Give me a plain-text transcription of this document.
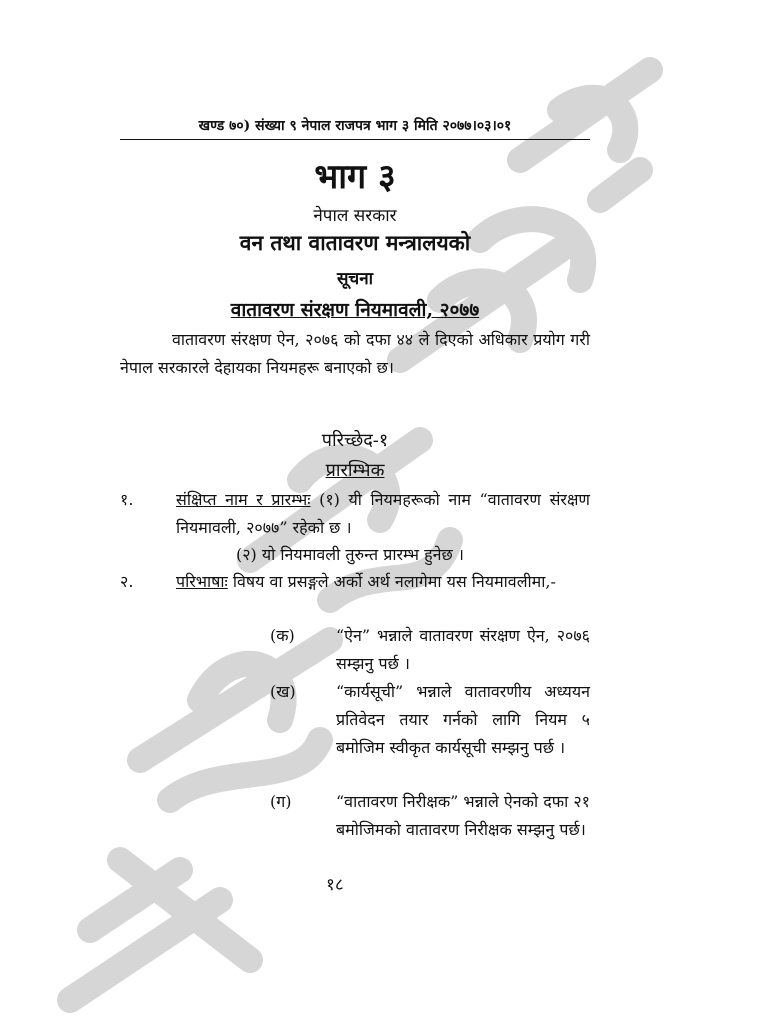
खण्ड ७०) संख्या ९ नेपाल राजपत्र भाग ३ मिति २०७७।०३।०१
भाग ३
नेपाल सरकार
वन तथा वातावरण मन्त्रालयको
सूचना
वातावरण संरक्षण नियमावली, २०७७
वातावरण संरक्षण ऐन, २०७६ को दफा ४४ ले दिएको अधिकार प्रयोग गरी नेपाल सरकारले देहायका नियमहरू बनाएको छ।
परिच्छेद-१
प्रारम्भिक
१.	संक्षिप्त नाम र प्रारम्भः (१) यी नियमहरूको नाम “वातावरण संरक्षण नियमावली, २०७७” रहेको छ ।
(२) यो नियमावली तुरुन्त प्रारम्भ हुनेछ ।
२.	परिभाषाः विषय वा प्रसङ्गले अर्को अर्थ नलागेमा यस नियमावलीमा,-
(क)	“ऐन” भन्नाले वातावरण संरक्षण ऐन, २०७६ सम्झनु पर्छ ।
(ख)	“कार्यसूची” भन्नाले वातावरणीय अध्ययन प्रतिवेदन तयार गर्नको लागि नियम ५ बमोजिम स्वीकृत कार्यसूची सम्झनु पर्छ ।
(ग)	“वातावरण निरीक्षक” भन्नाले ऐनको दफा २१ बमोजिमको वातावरण निरीक्षक सम्झनु पर्छ।
१८
